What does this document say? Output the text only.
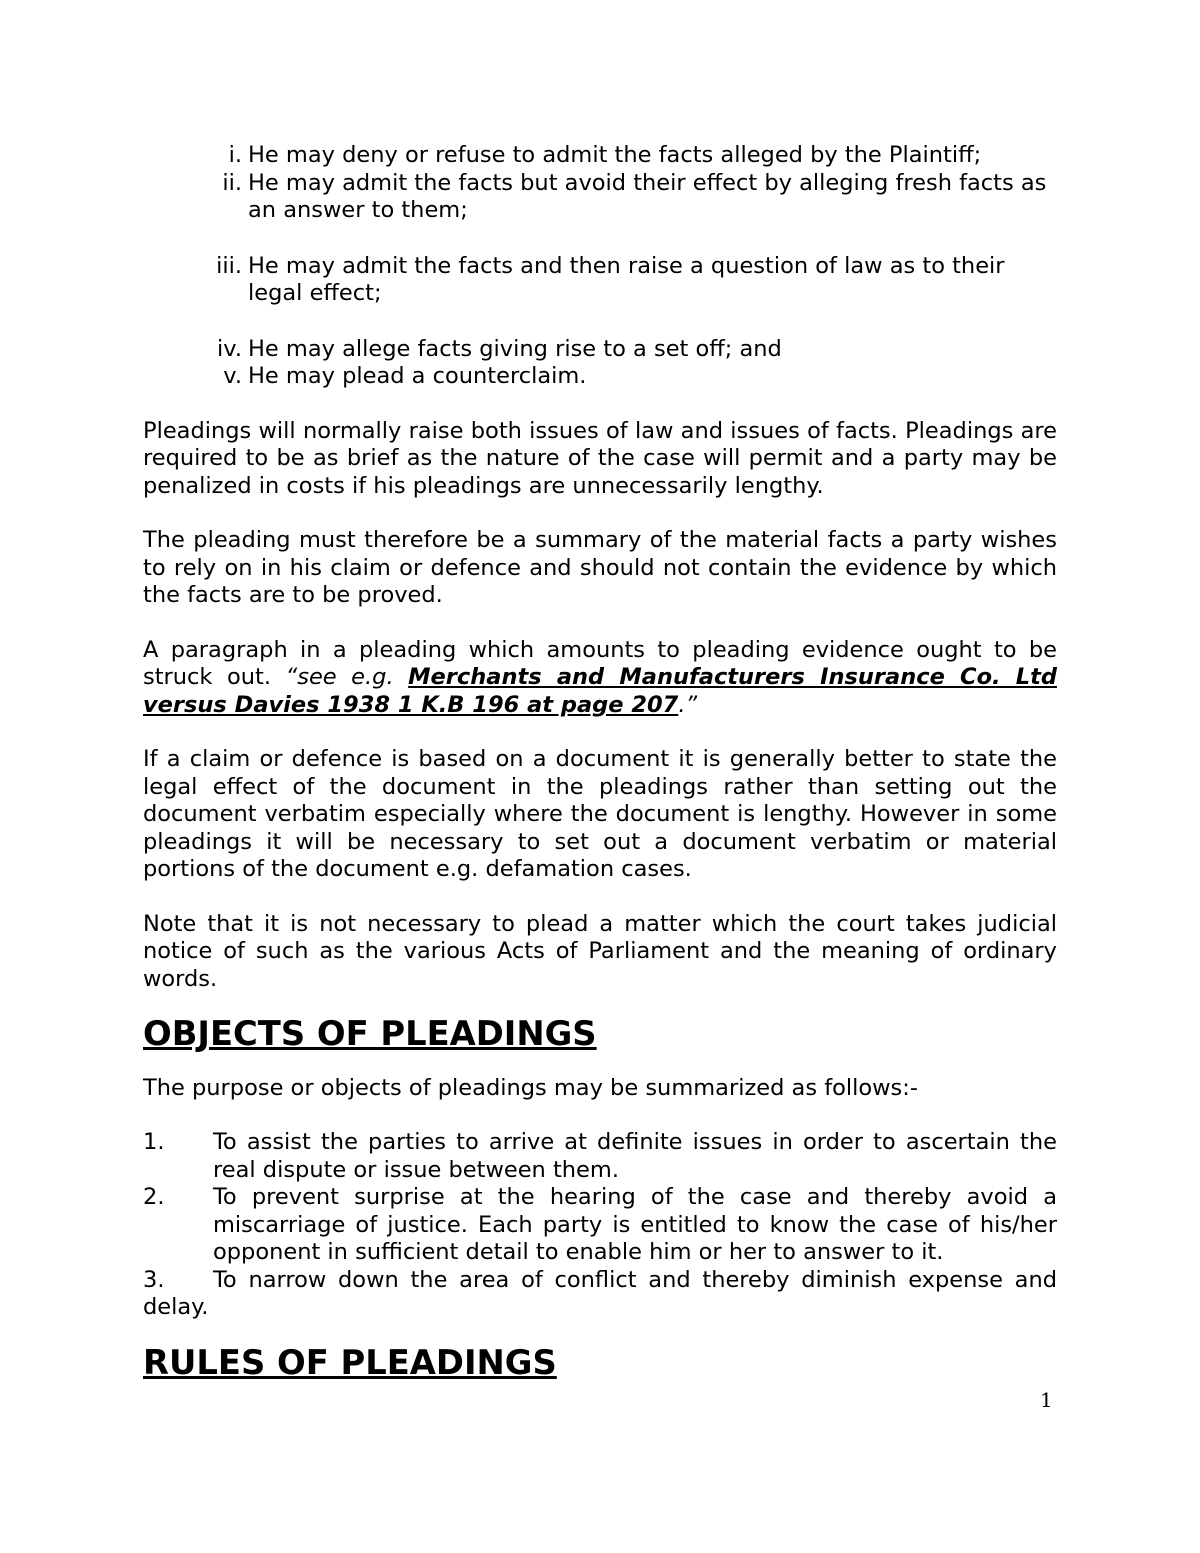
i. He may deny or refuse to admit the facts alleged by the Plaintiff;
ii. He may admit the facts but avoid their effect by alleging fresh facts as an answer to them;
iii. He may admit the facts and then raise a question of law as to their legal effect;
iv. He may allege facts giving rise to a set off; and
v. He may plead a counterclaim.

Pleadings will normally raise both issues of law and issues of facts. Pleadings are required to be as brief as the nature of the case will permit and a party may be penalized in costs if his pleadings are unnecessarily lengthy.

The pleading must therefore be a summary of the material facts a party wishes to rely on in his claim or defence and should not contain the evidence by which the facts are to be proved.

A paragraph in a pleading which amounts to pleading evidence ought to be struck out. “see e.g. Merchants and Manufacturers Insurance Co. Ltd versus Davies 1938 1 K.B 196 at page 207.”

If a claim or defence is based on a document it is generally better to state the legal effect of the document in the pleadings rather than setting out the document verbatim especially where the document is lengthy. However in some pleadings it will be necessary to set out a document verbatim or material portions of the document e.g. defamation cases.

Note that it is not necessary to plead a matter which the court takes judicial notice of such as the various Acts of Parliament and the meaning of ordinary words.

OBJECTS OF PLEADINGS

The purpose or objects of pleadings may be summarized as follows:-

1. To assist the parties to arrive at definite issues in order to ascertain the real dispute or issue between them.
2. To prevent surprise at the hearing of the case and thereby avoid a miscarriage of justice. Each party is entitled to know the case of his/her opponent in sufficient detail to enable him or her to answer to it.
3. To narrow down the area of conflict and thereby diminish expense and delay.
RULES OF PLEADINGS
1
